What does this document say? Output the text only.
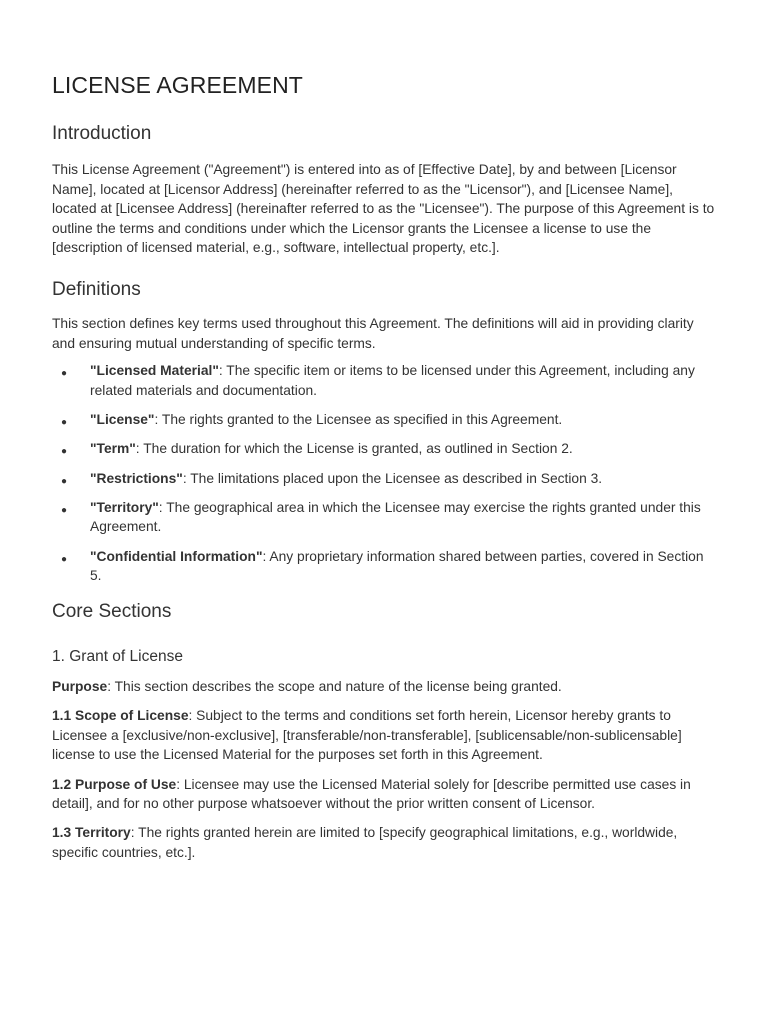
LICENSE AGREEMENT
Introduction

This License Agreement ("Agreement") is entered into as of [Effective Date], by and between [Licensor Name], located at [Licensor Address] (hereinafter referred to as the "Licensor"), and [Licensee Name], located at [Licensee Address] (hereinafter referred to as the "Licensee"). The purpose of this Agreement is to outline the terms and conditions under which the Licensor grants the Licensee a license to use the [description of licensed material, e.g., software, intellectual property, etc.].

Definitions

This section defines key terms used throughout this Agreement. The definitions will aid in providing clarity and ensuring mutual understanding of specific terms.

● "Licensed Material": The specific item or items to be licensed under this Agreement, including any related materials and documentation.
● "License": The rights granted to the Licensee as specified in this Agreement.
● "Term": The duration for which the License is granted, as outlined in Section 2.
● "Restrictions": The limitations placed upon the Licensee as described in Section 3.
● "Territory": The geographical area in which the Licensee may exercise the rights granted under this Agreement.
● "Confidential Information": Any proprietary information shared between parties, covered in Section 5.
Core Sections
1. Grant of License

Purpose: This section describes the scope and nature of the license being granted.

1.1 Scope of License: Subject to the terms and conditions set forth herein, Licensor hereby grants to Licensee a [exclusive/non-exclusive], [transferable/non-transferable], [sublicensable/non-sublicensable] license to use the Licensed Material for the purposes set forth in this Agreement.

1.2 Purpose of Use: Licensee may use the Licensed Material solely for [describe permitted use cases in detail], and for no other purpose whatsoever without the prior written consent of Licensor.

1.3 Territory: The rights granted herein are limited to [specify geographical limitations, e.g., worldwide, specific countries, etc.].
